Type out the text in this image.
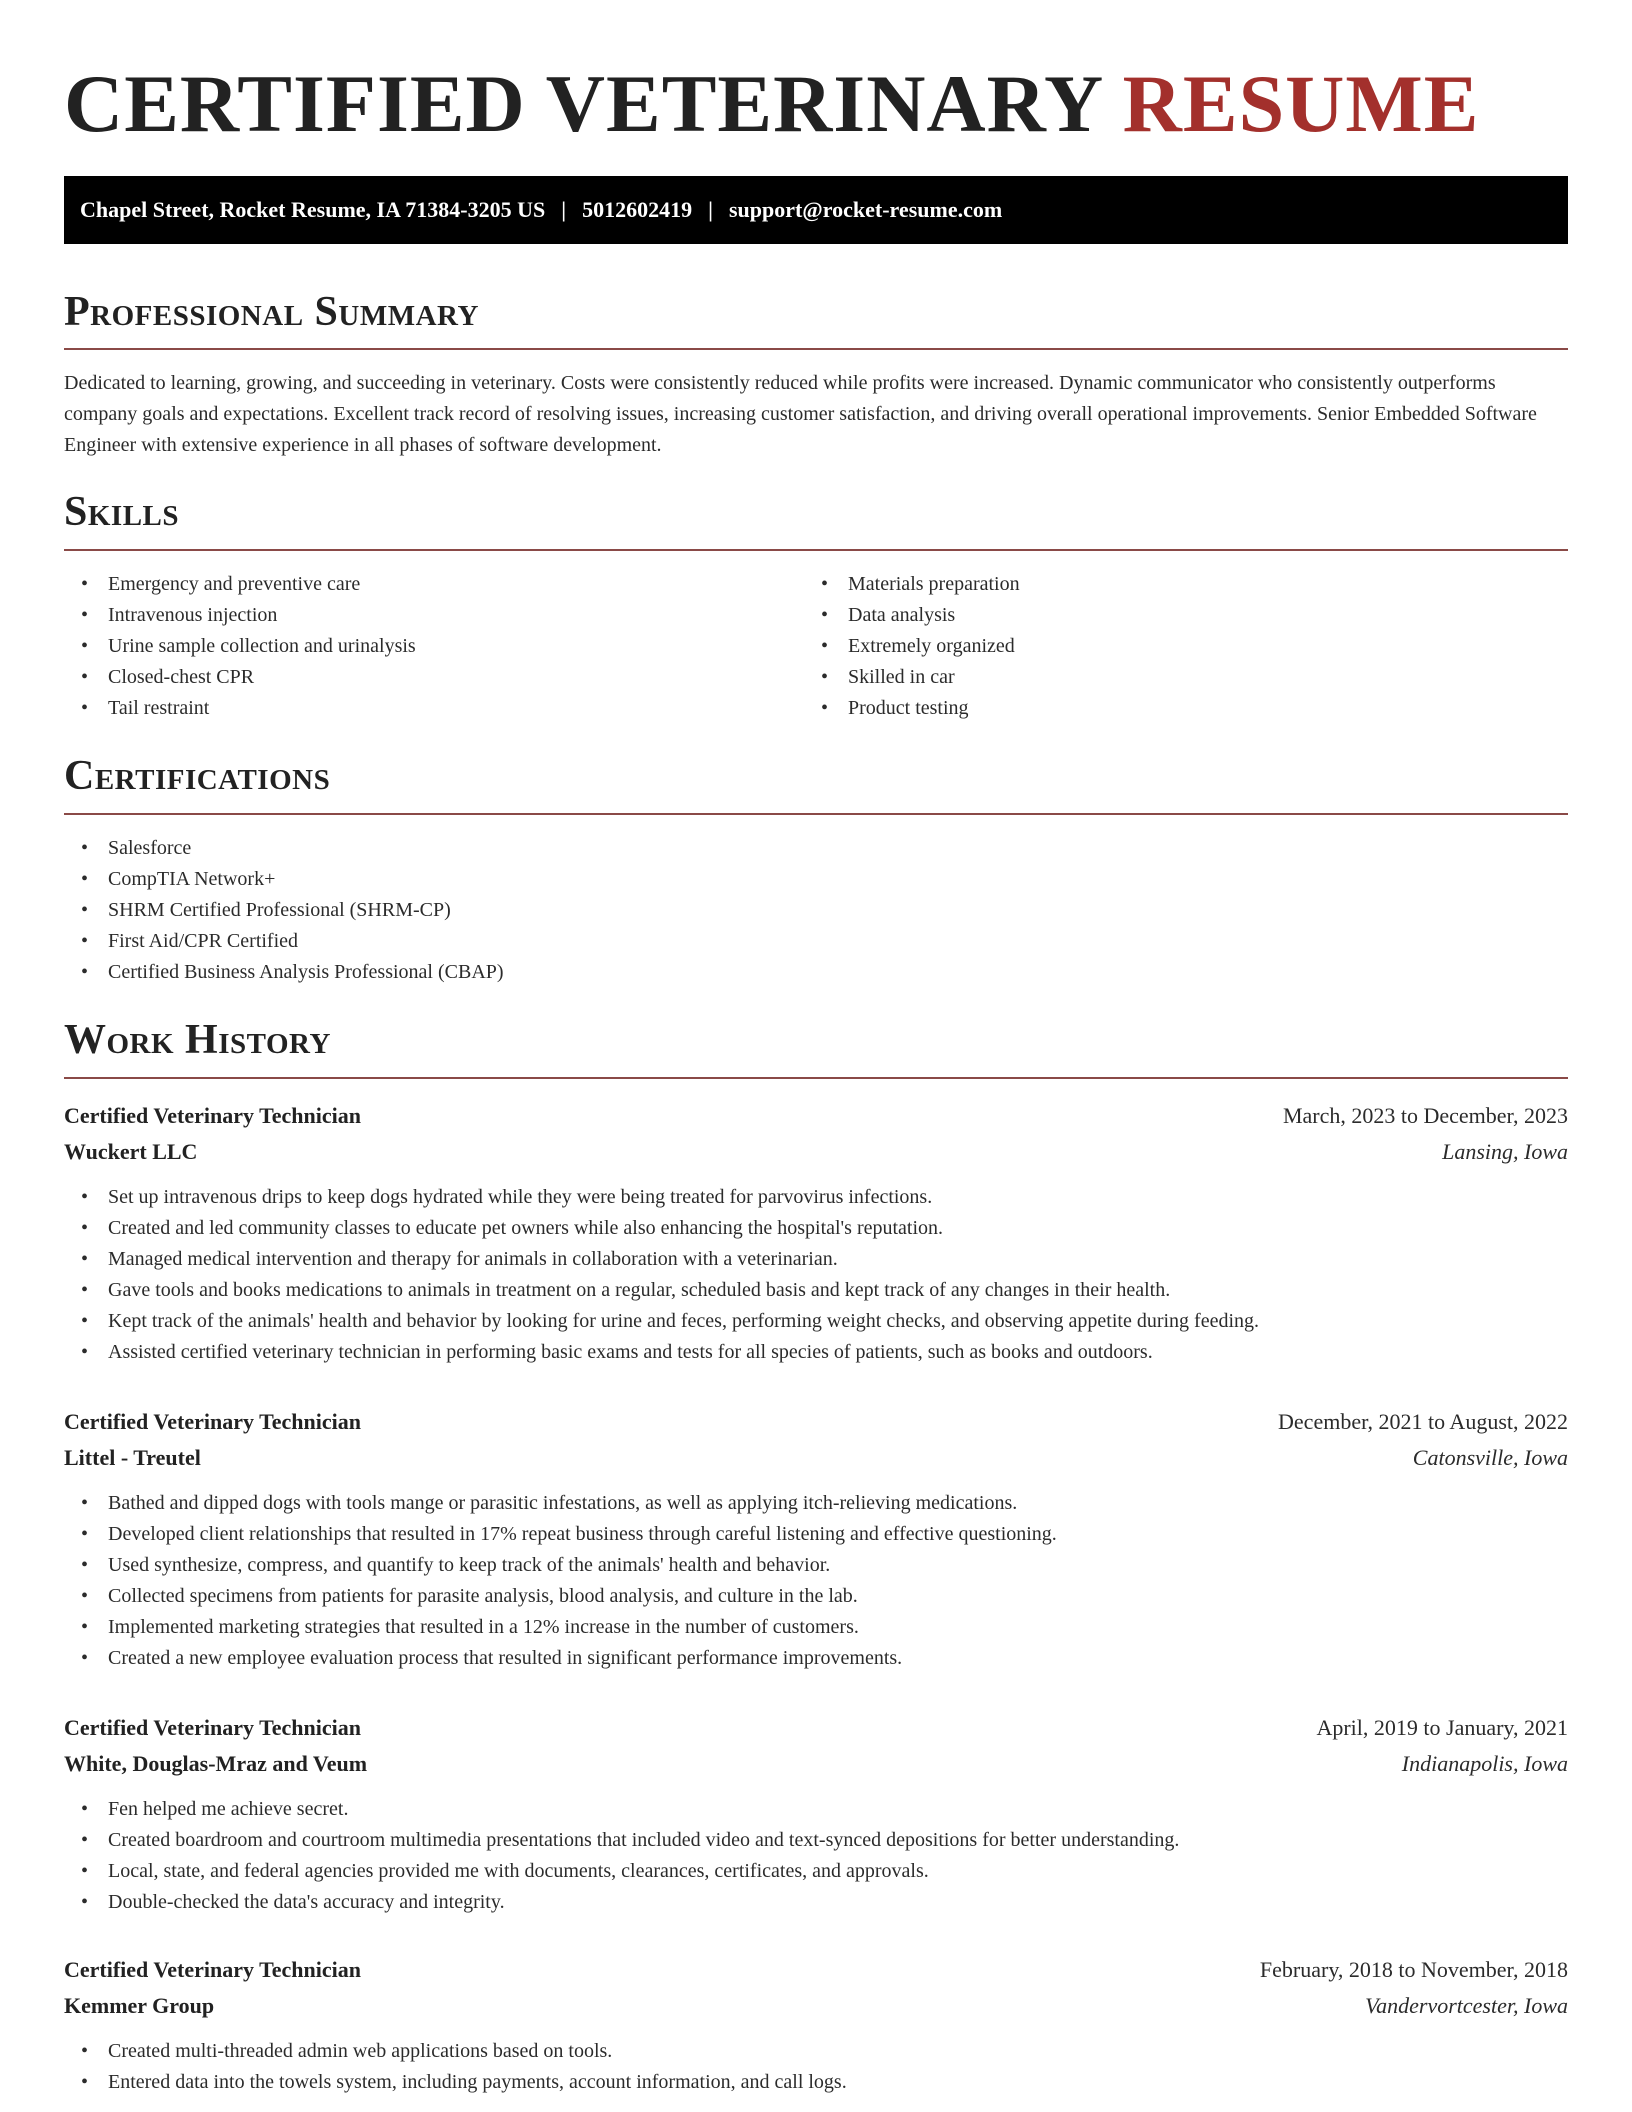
CERTIFIED VETERINARY RESUME
Chapel Street, Rocket Resume, IA 71384-3205 US | 5012602419 | support@rocket-resume.com
Professional Summary

Dedicated to learning, growing, and succeeding in veterinary. Costs were consistently reduced while profits were increased. Dynamic communicator who consistently outperforms company goals and expectations. Excellent track record of resolving issues, increasing customer satisfaction, and driving overall operational improvements. Senior Embedded Software Engineer with extensive experience in all phases of software development.

Skills
• Emergency and preventive care
• Intravenous injection
• Urine sample collection and urinalysis
• Closed-chest CPR
• Tail restraint
• Materials preparation
• Data analysis
• Extremely organized
• Skilled in car
• Product testing
Certifications
• Salesforce
• CompTIA Network+
• SHRM Certified Professional (SHRM-CP)
• First Aid/CPR Certified
• Certified Business Analysis Professional (CBAP)
Work History
Certified Veterinary Technician	March, 2023 to December, 2023
Wuckert LLC	Lansing, Iowa
• Set up intravenous drips to keep dogs hydrated while they were being treated for parvovirus infections.
• Created and led community classes to educate pet owners while also enhancing the hospital's reputation.
• Managed medical intervention and therapy for animals in collaboration with a veterinarian.
• Gave tools and books medications to animals in treatment on a regular, scheduled basis and kept track of any changes in their health.
• Kept track of the animals' health and behavior by looking for urine and feces, performing weight checks, and observing appetite during feeding.
• Assisted certified veterinary technician in performing basic exams and tests for all species of patients, such as books and outdoors.
Certified Veterinary Technician	December, 2021 to August, 2022
Littel - Treutel	Catonsville, Iowa
• Bathed and dipped dogs with tools mange or parasitic infestations, as well as applying itch-relieving medications.
• Developed client relationships that resulted in 17% repeat business through careful listening and effective questioning.
• Used synthesize, compress, and quantify to keep track of the animals' health and behavior.
• Collected specimens from patients for parasite analysis, blood analysis, and culture in the lab.
• Implemented marketing strategies that resulted in a 12% increase in the number of customers.
• Created a new employee evaluation process that resulted in significant performance improvements.
Certified Veterinary Technician	April, 2019 to January, 2021
White, Douglas-Mraz and Veum	Indianapolis, Iowa
• Fen helped me achieve secret.
• Created boardroom and courtroom multimedia presentations that included video and text-synced depositions for better understanding.
• Local, state, and federal agencies provided me with documents, clearances, certificates, and approvals.
• Double-checked the data's accuracy and integrity.
Certified Veterinary Technician	February, 2018 to November, 2018
Kemmer Group	Vandervortcester, Iowa
• Created multi-threaded admin web applications based on tools.
• Entered data into the towels system, including payments, account information, and call logs.
